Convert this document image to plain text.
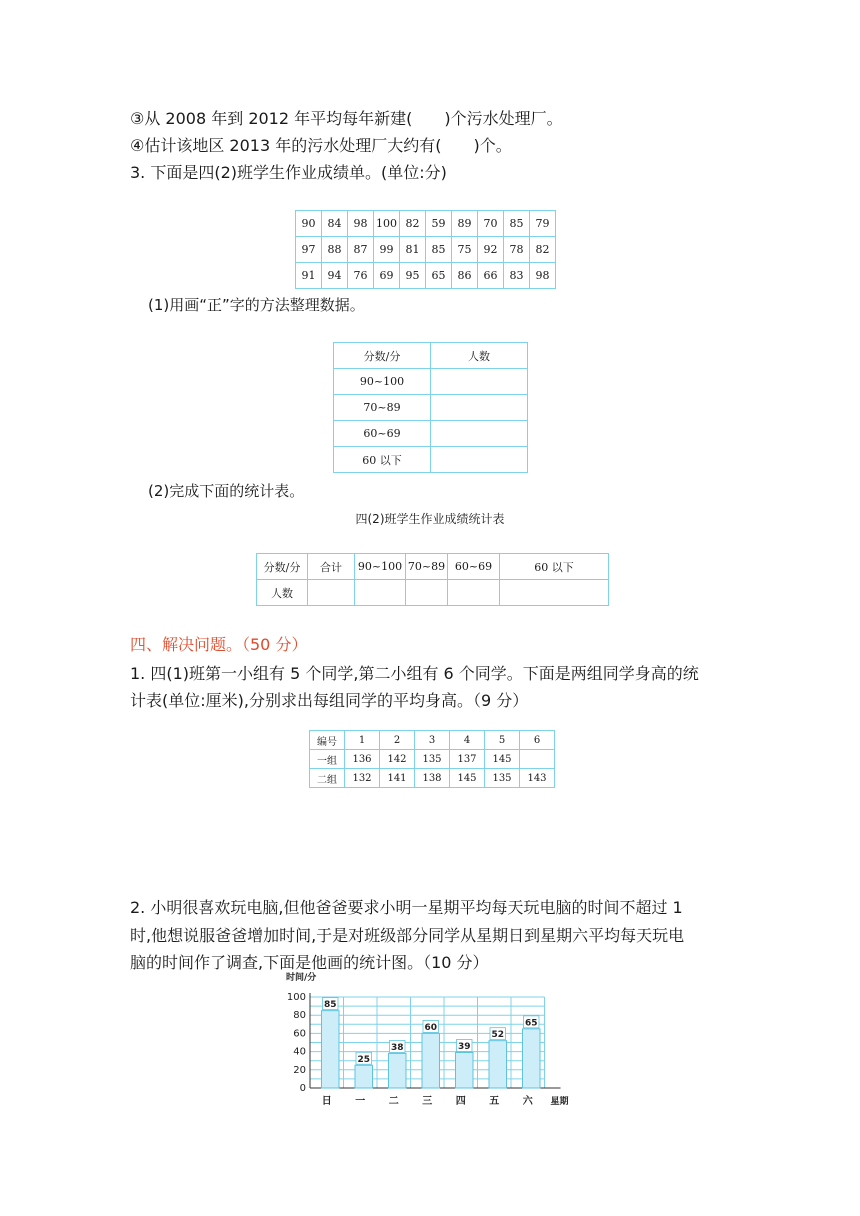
③从 2008 年到 2012 年平均每年新建(　　)个污水处理厂。
④估计该地区 2013 年的污水处理厂大约有(　　)个。
3. 下面是四(2)班学生作业成绩单。(单位:分)
90	84	98	100	82	59	89	70	85	79
97	88	87	99	81	85	75	92	78	82
91	94	76	69	95	65	86	66	83	98
(1)用画“正”字的方法整理数据。
分数/分	人数
90~100	
70~89	
60~69	
60 以下	
(2)完成下面的统计表。
四(2)班学生作业成绩统计表
分数/分	合计	90~100	70~89	60~69	60 以下
人数					
四、解决问题。（50 分）
1. 四(1)班第一小组有 5 个同学,第二小组有 6 个同学。下面是两组同学身高的统
计表(单位:厘米),分别求出每组同学的平均身高。（9 分）
编号	1	2	3	4	5	6
一组	136	142	135	137	145	
二组	132	141	138	145	135	143
2. 小明很喜欢玩电脑,但他爸爸要求小明一星期平均每天玩电脑的时间不超过 1
时,他想说服爸爸增加时间,于是对班级部分同学从星期日到星期六平均每天玩电
脑的时间作了调查,下面是他画的统计图。（10 分）
时间/分
0
20
40
60
80
100
85
日
25
一
38
二
60
三
39
四
52
五
65
六 星期
